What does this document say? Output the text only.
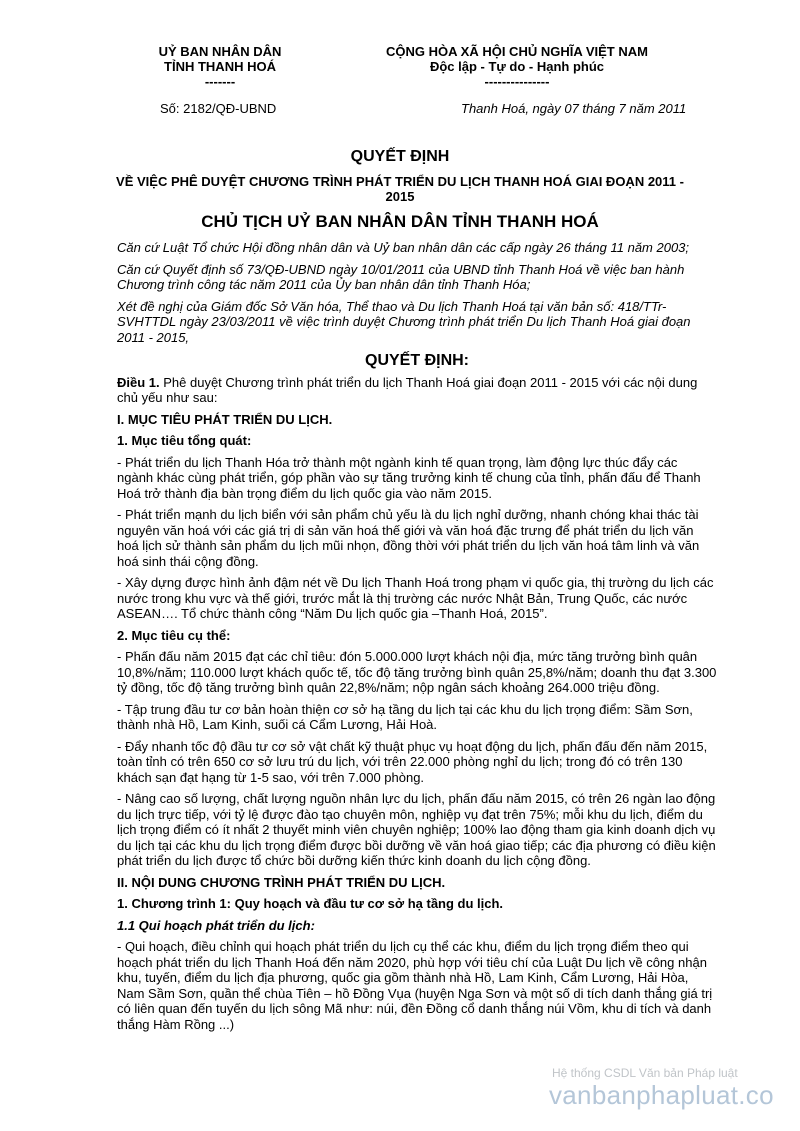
UỶ BAN NHÂN DÂN
TỈNH THANH HOÁ
-------
CỘNG HÒA XÃ HỘI CHỦ NGHĨA VIỆT NAM
Độc lập - Tự do - Hạnh phúc
---------------
Số: 2182/QĐ-UBND	Thanh Hoá, ngày 07 tháng 7 năm 2011
QUYẾT ĐỊNH
VỀ VIỆC PHÊ DUYỆT CHƯƠNG TRÌNH PHÁT TRIỂN DU LỊCH THANH HOÁ GIAI ĐOẠN 2011 -
2015
CHỦ TỊCH UỶ BAN NHÂN DÂN TỈNH THANH HOÁ

Căn cứ Luật Tổ chức Hội đồng nhân dân và Uỷ ban nhân dân các cấp ngày 26 tháng 11 năm 2003;

Căn cứ Quyết định số 73/QĐ-UBND ngày 10/01/2011 của UBND tỉnh Thanh Hoá về việc ban hành Chương trình công tác năm 2011 của Ủy ban nhân dân tỉnh Thanh Hóa;

Xét đề nghị của Giám đốc Sở Văn hóa, Thể thao và Du lịch Thanh Hoá tại văn bản số: 418/TTr-SVHTTDL ngày 23/03/2011 về việc trình duyệt Chương trình phát triển Du lịch Thanh Hoá giai đoạn 2011 - 2015,

QUYẾT ĐỊNH:

Điều 1. Phê duyệt Chương trình phát triển du lịch Thanh Hoá giai đoạn 2011 - 2015 với các nội dung chủ yếu như sau:

I. MỤC TIÊU PHÁT TRIỂN DU LỊCH.

1. Mục tiêu tổng quát:

- Phát triển du lịch Thanh Hóa trở thành một ngành kinh tế quan trọng, làm động lực thúc đẩy các ngành khác cùng phát triển, góp phần vào sự tăng trưởng kinh tế chung của tỉnh, phấn đấu để Thanh Hoá trở thành địa bàn trọng điểm du lịch quốc gia vào năm 2015.

- Phát triển mạnh du lịch biển với sản phẩm chủ yếu là du lịch nghỉ dưỡng, nhanh chóng khai thác tài nguyên văn hoá với các giá trị di sản văn hoá thế giới và văn hoá đặc trưng để phát triển du lịch văn hoá lịch sử thành sản phẩm du lịch mũi nhọn, đồng thời với phát triển du lịch văn hoá tâm linh và văn hoá sinh thái cộng đồng.

- Xây dựng được hình ảnh đậm nét về Du lịch Thanh Hoá trong phạm vi quốc gia, thị trường du lịch các nước trong khu vực và thế giới, trước mắt là thị trường các nước Nhật Bản, Trung Quốc, các nước ASEAN…. Tổ chức thành công “Năm Du lịch quốc gia –Thanh Hoá, 2015”.

2. Mục tiêu cụ thể:

- Phấn đấu năm 2015 đạt các chỉ tiêu: đón 5.000.000 lượt khách nội địa, mức tăng trưởng bình quân 10,8%/năm; 110.000 lượt khách quốc tế, tốc độ tăng trưởng bình quân 25,8%/năm; doanh thu đạt 3.300 tỷ đồng, tốc độ tăng trưởng bình quân 22,8%/năm; nộp ngân sách khoảng 264.000 triệu đồng.

- Tập trung đầu tư cơ bản hoàn thiện cơ sở hạ tầng du lịch tại các khu du lịch trọng điểm: Sầm Sơn, thành nhà Hồ, Lam Kinh, suối cá Cẩm Lương, Hải Hoà.

- Đẩy nhanh tốc độ đầu tư cơ sở vật chất kỹ thuật phục vụ hoạt động du lịch, phấn đấu đến năm 2015, toàn tỉnh có trên 650 cơ sở lưu trú du lịch, với trên 22.000 phòng nghỉ du lịch; trong đó có trên 130 khách sạn đạt hạng từ 1-5 sao, với trên 7.000 phòng.

- Nâng cao số lượng, chất lượng nguồn nhân lực du lịch, phấn đấu năm 2015, có trên 26 ngàn lao động du lịch trực tiếp, với tỷ lệ được đào tạo chuyên môn, nghiệp vụ đạt trên 75%; mỗi khu du lịch, điểm du lịch trọng điểm có ít nhất 2 thuyết minh viên chuyên nghiệp; 100% lao động tham gia kinh doanh dịch vụ du lịch tại các khu du lịch trọng điểm được bồi dưỡng về văn hoá giao tiếp; các địa phương có điều kiện phát triển du lịch được tổ chức bồi dưỡng kiến thức kinh doanh du lịch cộng đồng.

II. NỘI DUNG CHƯƠNG TRÌNH PHÁT TRIỂN DU LỊCH.

1. Chương trình 1: Quy hoạch và đầu tư cơ sở hạ tầng du lịch.

1.1 Qui hoạch phát triển du lịch:

- Qui hoạch, điều chỉnh qui hoạch phát triển du lịch cụ thể các khu, điểm du lịch trọng điểm theo qui hoạch phát triển du lịch Thanh Hoá đến năm 2020, phù hợp với tiêu chí của Luật Du lịch về công nhận khu, tuyến, điểm du lịch địa phương, quốc gia gồm thành nhà Hồ, Lam Kinh, Cẩm Lương, Hải Hòa, Nam Sầm Sơn, quần thể chùa Tiên – hồ Đồng Vụa (huyện Nga Sơn và một số di tích danh thắng giá trị có liên quan đến tuyến du lịch sông Mã như: núi, đền Đồng cổ danh thắng núi Vồm, khu di tích và danh thắng Hàm Rồng ...)

Hệ thống CSDL Văn bản Pháp luật
vanbanphapluat.co
